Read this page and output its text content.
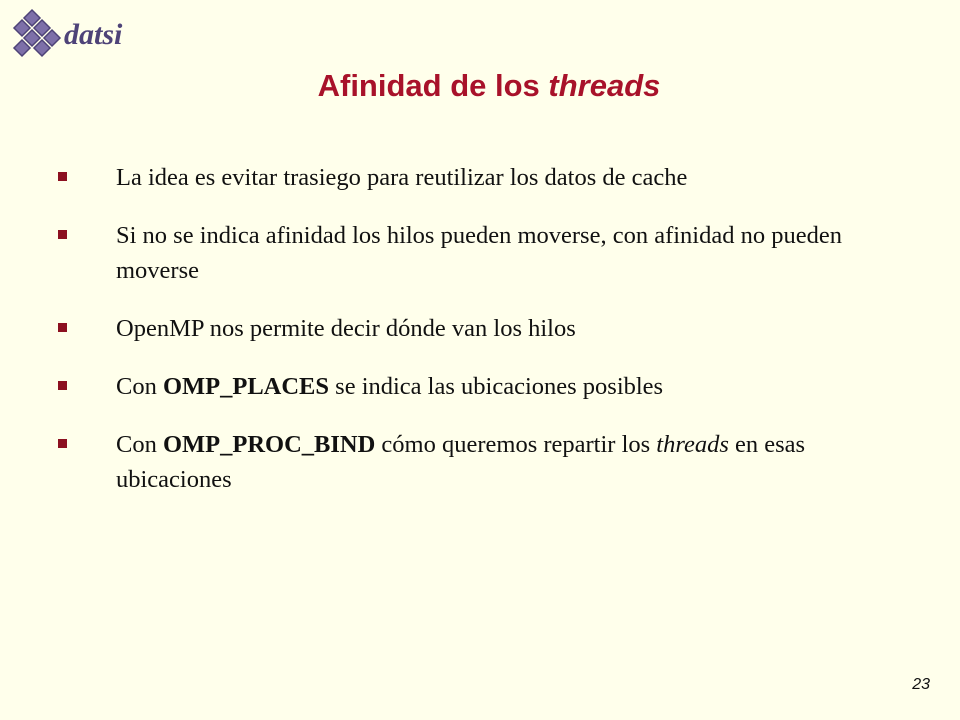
datsi
Afinidad de los threads
La idea es evitar trasiego para reutilizar los datos de cache
Si no se indica afinidad los hilos pueden moverse, con afinidad no pueden moverse
OpenMP nos permite decir dónde van los hilos
Con OMP_PLACES se indica las ubicaciones posibles
Con OMP_PROC_BIND cómo queremos repartir los threads en esas ubicaciones
23
